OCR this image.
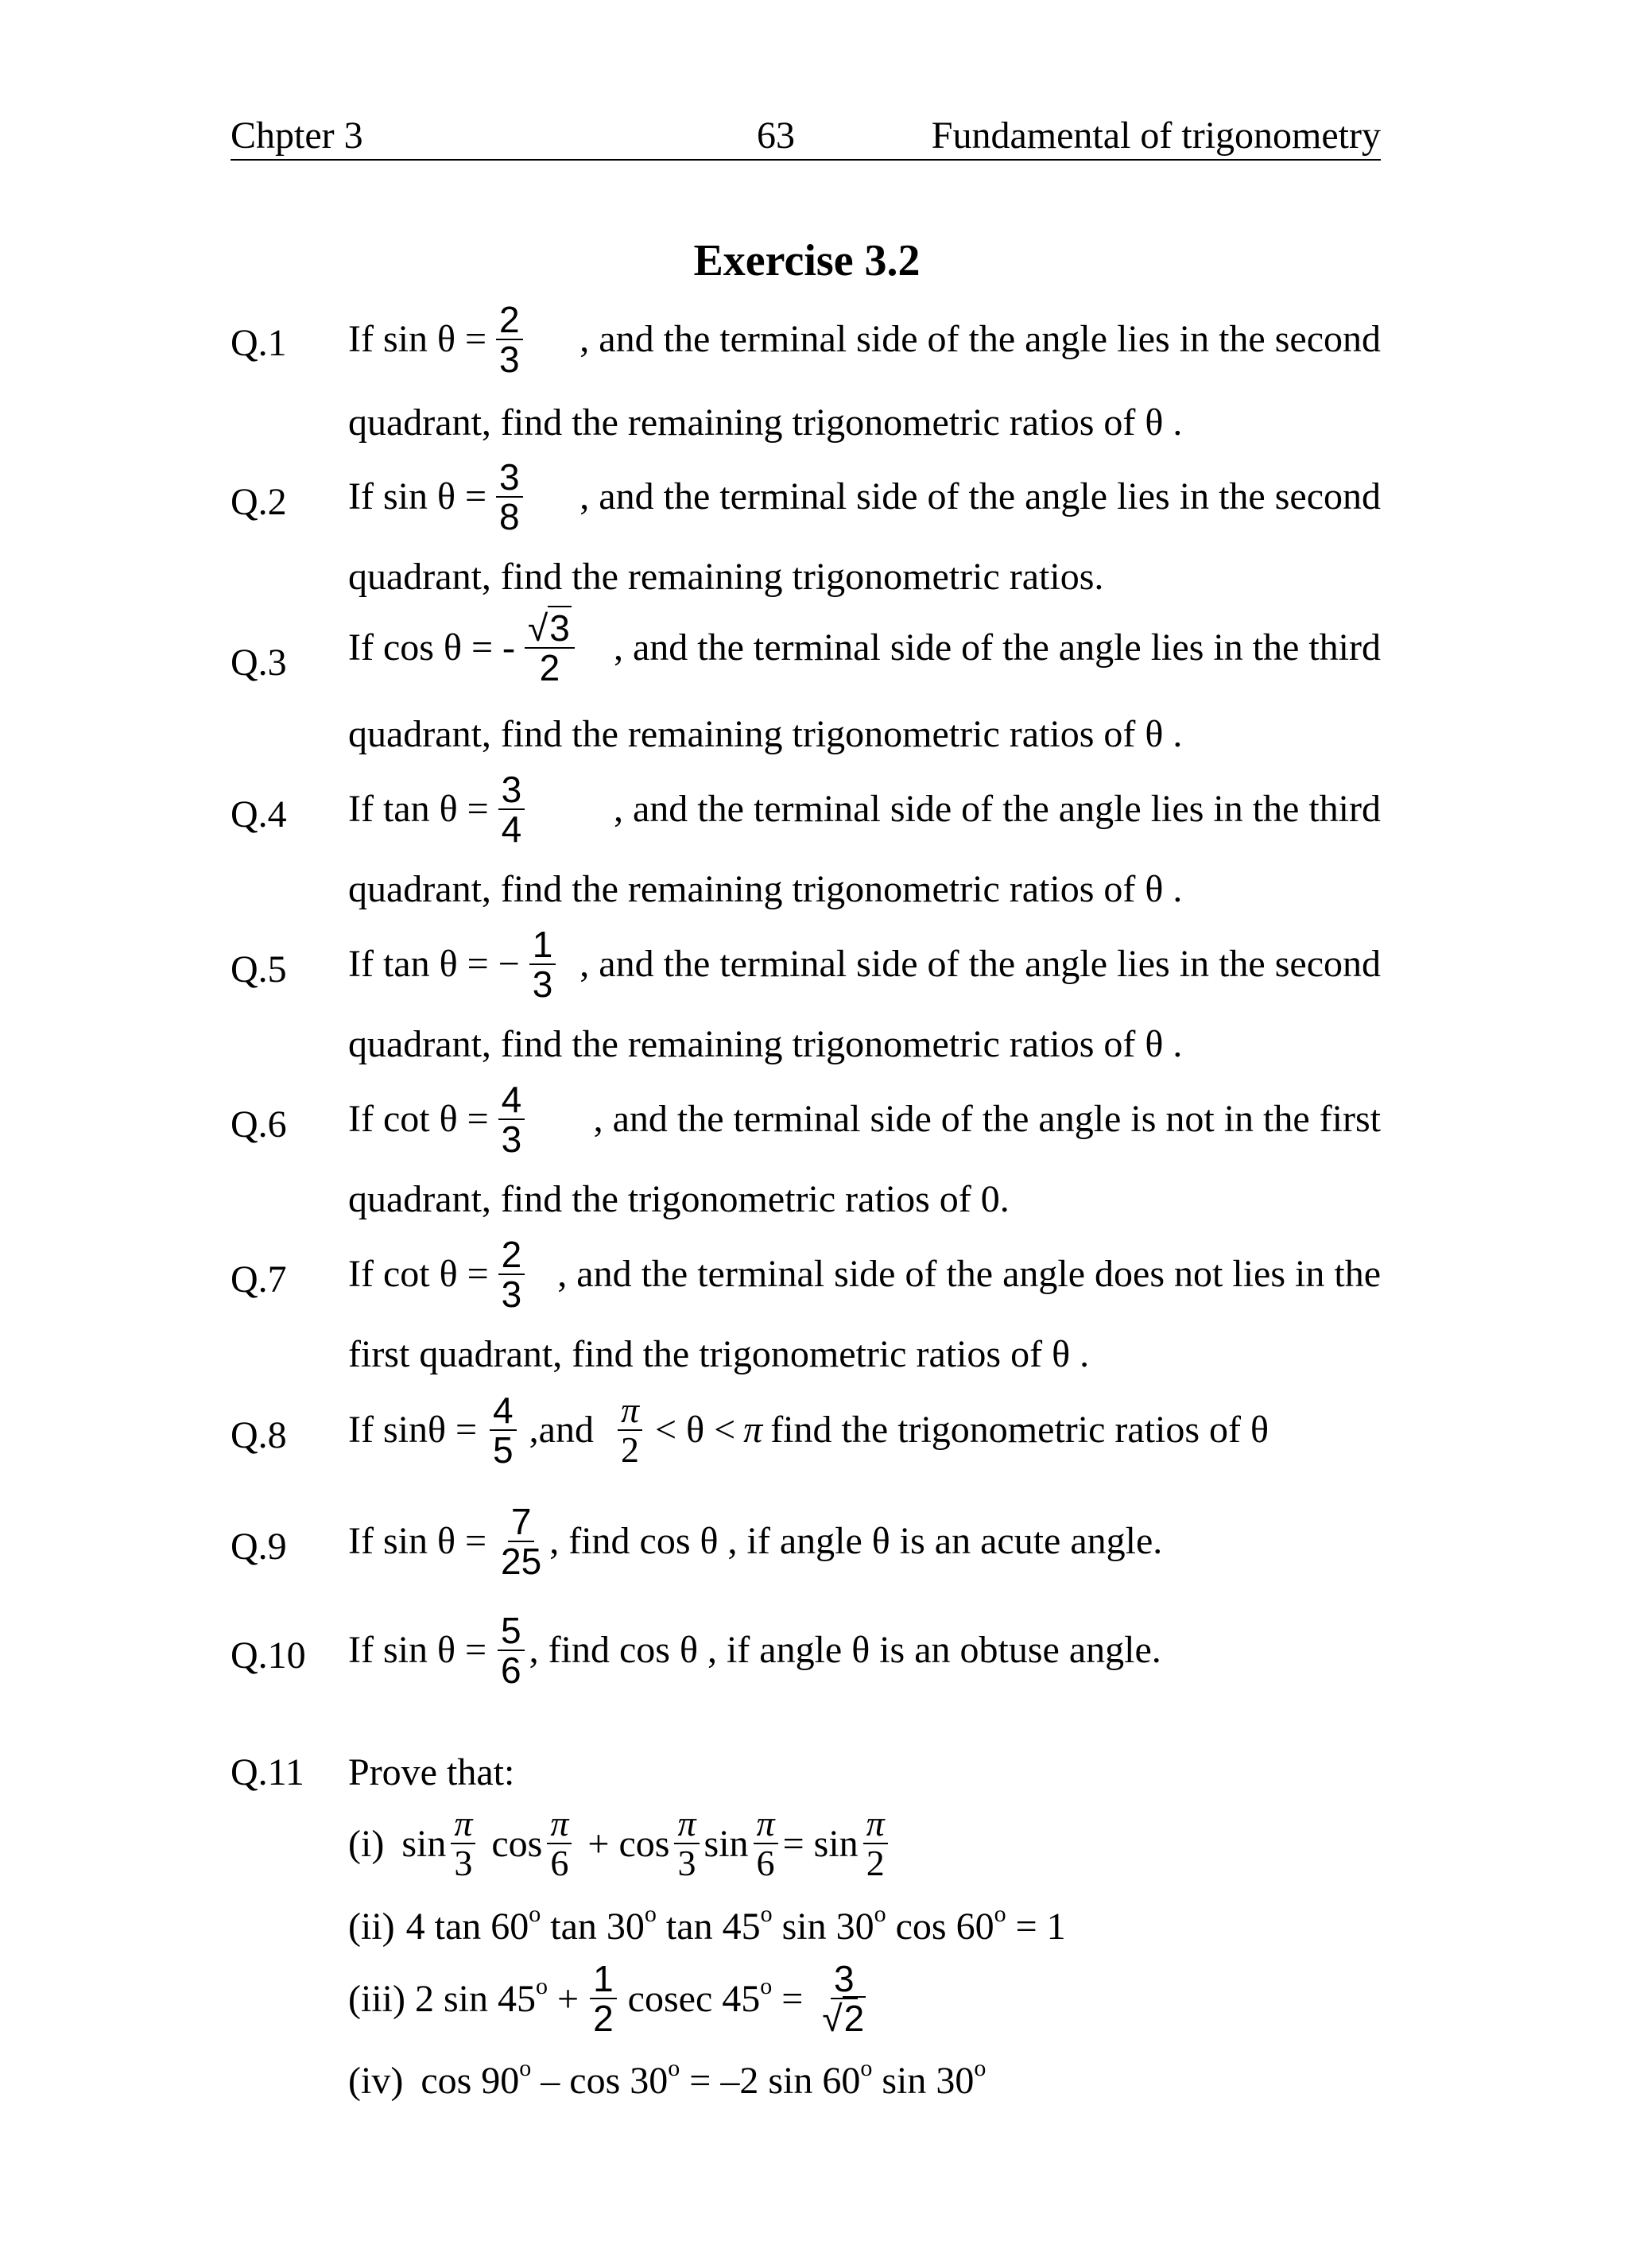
Chpter 3	63	Fundamental of trigonometry
Exercise 3.2
Q.1 If $\sin \theta = \frac{2}{3}$ , and the terminal side of the angle lies in the second
quadrant, find the remaining trigonometric ratios of θ .
Q.2 If $\sin \theta = \frac{3}{8}$ , and the terminal side of the angle lies in the second
quadrant, find the remaining trigonometric ratios.
Q.3 If cos θ = - $\frac{√3}{2}$ , and the terminal side of the angle lies in the third
quadrant, find the remaining trigonometric ratios of θ .
Q.4 If $\tan \theta = \frac{3}{4}$ , and the terminal side of the angle lies in the third
quadrant, find the remaining trigonometric ratios of θ .
Q.5 If tan θ = − $\frac{1}{3}$ , and the terminal side of the angle lies in the second
quadrant, find the remaining trigonometric ratios of θ .
Q.6 If $\cot \theta = \frac{4}{3}$ , and the terminal side of the angle is not in the first
quadrant, find the trigonometric ratios of 0.
Q.7 If $\cot \theta = \frac{2}{3}$ , and the terminal side of the angle does not lies in the
first quadrant, find the trigonometric ratios of θ .
Q.8 If $\sin\theta = \frac{4}{5} ,and \frac{\pi}{2} < \theta < \pi$ find the trigonometric ratios of θ
Q.9 If $\sin \theta = \frac{7}{25}$ , find cos θ , if angle θ is an acute angle.
Q.10 If $\sin \theta = \frac{5}{6}$ , find cos θ , if angle θ is an obtuse angle.
Q.11 Prove that:
(i) $\sin \frac{\pi}{3}$ $\cos \frac{\pi}{6} + \cos \frac{\pi}{3}$ $\sin \frac{\pi}{6} = \sin \frac{\pi}{2}$
(ii) 4 tan 60$^o$ tan 30$^o$ tan 45$^o$ sin 30$^o$ $\cos 60^o = 1$
(iii) 2 $\sin 45^o + \frac{1}{2}$ cosec $45^o = \frac{3}{√2}$
(iv) $\cos 90^o - \cos 30^o = -2$ sin 60$^o$ sin 30$^o$
